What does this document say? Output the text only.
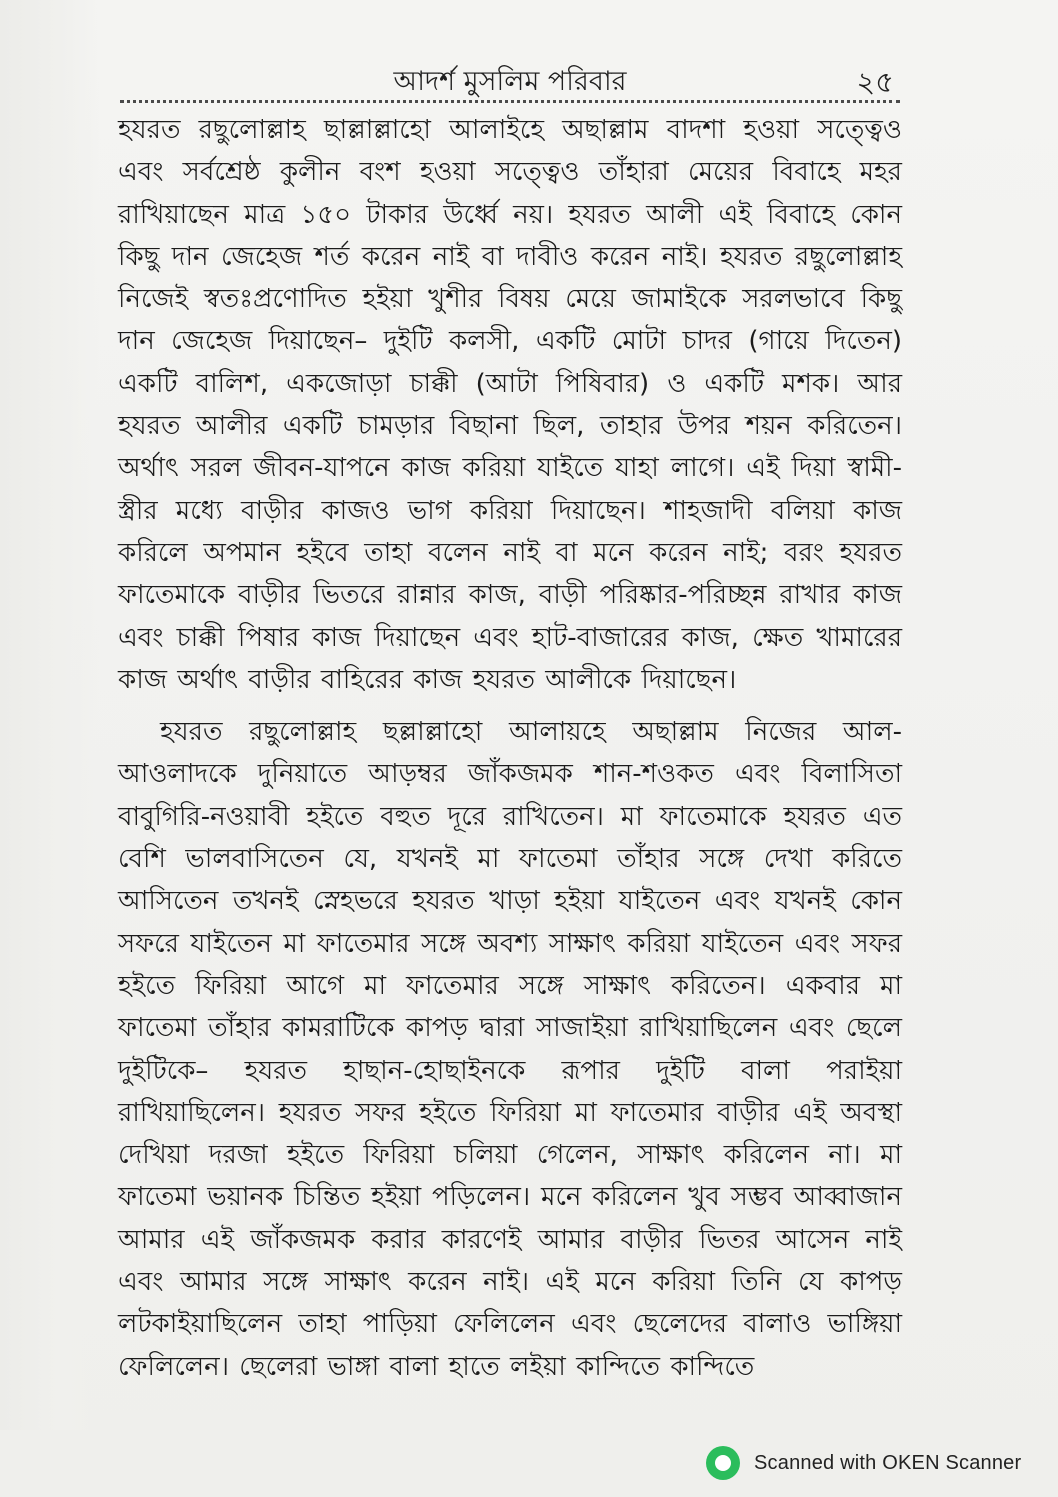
আদর্শ মুসলিম পরিবার	২৫

হযরত রছুলোল্লাহ ছাল্লাল্লাহো আলাইহে অছাল্লাম বাদশা হওয়া সত্ত্বেও এবং সর্বশ্রেষ্ঠ কুলীন বংশ হওয়া সত্ত্বেও তাঁহারা মেয়ের বিবাহে মহর রাখিয়াছেন মাত্র ১৫০ টাকার উর্ধ্বে নয়। হযরত আলী এই বিবাহে কোন কিছু দান জেহেজ শর্ত করেন নাই বা দাবীও করেন নাই। হযরত রছুলোল্লাহ নিজেই স্বতঃপ্রণোদিত হইয়া খুশীর বিষয় মেয়ে জামাইকে সরলভাবে কিছু দান জেহেজ দিয়াছেন– দুইটি কলসী, একটি মোটা চাদর (গায়ে দিতেন) একটি বালিশ, একজোড়া চাক্কী (আটা পিষিবার) ও একটি মশক। আর হযরত আলীর একটি চামড়ার বিছানা ছিল, তাহার উপর শয়ন করিতেন। অর্থাৎ সরল জীবন-যাপনে কাজ করিয়া যাইতে যাহা লাগে। এই দিয়া স্বামী-স্ত্রীর মধ্যে বাড়ীর কাজও ভাগ করিয়া দিয়াছেন। শাহজাদী বলিয়া কাজ করিলে অপমান হইবে তাহা বলেন নাই বা মনে করেন নাই; বরং হযরত ফাতেমাকে বাড়ীর ভিতরে রান্নার কাজ, বাড়ী পরিষ্কার-পরিচ্ছন্ন রাখার কাজ এবং চাক্কী পিষার কাজ দিয়াছেন এবং হাট-বাজারের কাজ, ক্ষেত খামারের কাজ অর্থাৎ বাড়ীর বাহিরের কাজ হযরত আলীকে দিয়াছেন।

হযরত রছুলোল্লাহ ছল্লাল্লাহো আলায়হে অছাল্লাম নিজের আল-আওলাদকে দুনিয়াতে আড়ম্বর জাঁকজমক শান-শওকত এবং বিলাসিতা বাবুগিরি-নওয়াবী হইতে বহুত দূরে রাখিতেন। মা ফাতেমাকে হযরত এত বেশি ভালবাসিতেন যে, যখনই মা ফাতেমা তাঁহার সঙ্গে দেখা করিতে আসিতেন তখনই স্নেহভরে হযরত খাড়া হইয়া যাইতেন এবং যখনই কোন সফরে যাইতেন মা ফাতেমার সঙ্গে অবশ্য সাক্ষাৎ করিয়া যাইতেন এবং সফর হইতে ফিরিয়া আগে মা ফাতেমার সঙ্গে সাক্ষাৎ করিতেন। একবার মা ফাতেমা তাঁহার কামরাটিকে কাপড় দ্বারা সাজাইয়া রাখিয়াছিলেন এবং ছেলে দুইটিকে– হযরত হাছান-হোছাইনকে রূপার দুইটি বালা পরাইয়া রাখিয়াছিলেন। হযরত সফর হইতে ফিরিয়া মা ফাতেমার বাড়ীর এই অবস্থা দেখিয়া দরজা হইতে ফিরিয়া চলিয়া গেলেন, সাক্ষাৎ করিলেন না। মা ফাতেমা ভয়ানক চিন্তিত হইয়া পড়িলেন। মনে করিলেন খুব সম্ভব আব্বাজান আমার এই জাঁকজমক করার কারণেই আমার বাড়ীর ভিতর আসেন নাই এবং আমার সঙ্গে সাক্ষাৎ করেন নাই। এই মনে করিয়া তিনি যে কাপড় লটকাইয়াছিলেন তাহা পাড়িয়া ফেলিলেন এবং ছেলেদের বালাও ভাঙ্গিয়া ফেলিলেন। ছেলেরা ভাঙ্গা বালা হাতে লইয়া কান্দিতে কান্দিতে

Scanned with OKEN Scanner
